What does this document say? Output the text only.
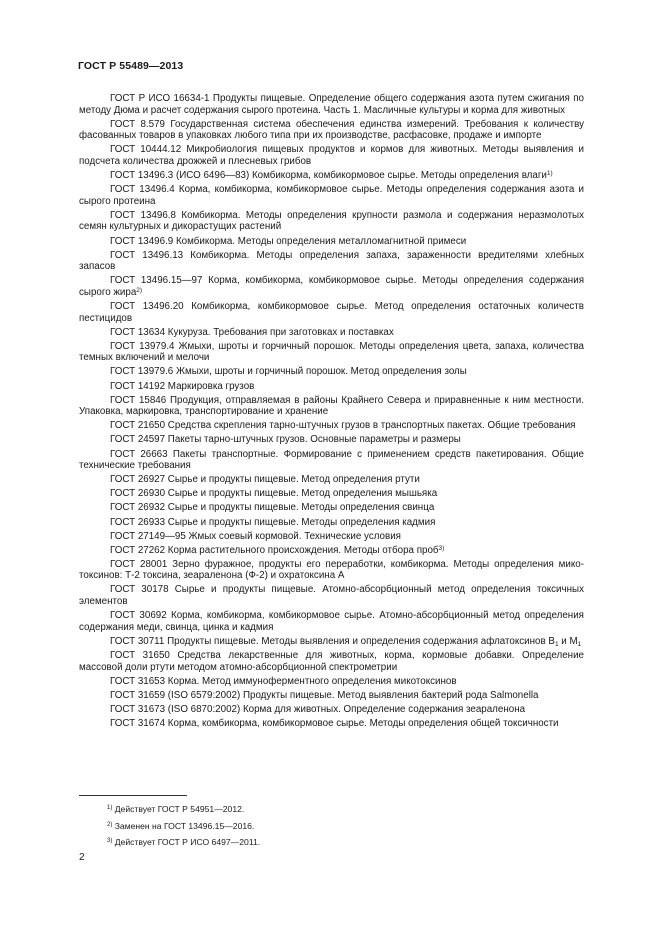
ГОСТ Р 55489—2013

ГОСТ Р ИСО 16634-1 Продукты пищевые. Определение общего содержания азота путем сжигания по методу Дюма и расчет содержания сырого протеина. Часть 1. Масличные культуры и корма для животных

ГОСТ 8.579 Государственная система обеспечения единства измерений. Требования к количеству фасованных товаров в упаковках любого типа при их производстве, расфасовке, продаже и импорте

ГОСТ 10444.12 Микробиология пищевых продуктов и кормов для животных. Методы выявления и подсчета количества дрожжей и плесневых грибов

ГОСТ 13496.3 (ИСО 6496—83) Комбикорма, комбикормовое сырье. Методы определения влаги$^{1)}$

ГОСТ 13496.4 Корма, комбикорма, комбикормовое сырье. Методы определения содержания азота и сырого протеина

ГОСТ 13496.8 Комбикорма. Методы определения крупности размола и содержания неразмолотых семян культурных и дикорастущих растений

ГОСТ 13496.9 Комбикорма. Методы определения металломагнитной примеси

ГОСТ 13496.13 Комбикорма. Методы определения запаха, зараженности вредителями хлебных запасов

ГОСТ 13496.15—97 Корма, комбикорма, комбикормовое сырье. Методы определения содержания сырого жира$^{2)}$

ГОСТ 13496.20 Комбикорма, комбикормовое сырье. Метод определения остаточных количеств пестицидов

ГОСТ 13634 Кукуруза. Требования при заготовках и поставках

ГОСТ 13979.4 Жмыхи, шроты и горчичный порошок. Методы определения цвета, запаха, количества темных включений и мелочи

ГОСТ 13979.6 Жмыхи, шроты и горчичный порошок. Метод определения золы

ГОСТ 14192 Маркировка грузов

ГОСТ 15846 Продукция, отправляемая в районы Крайнего Севера и приравненные к ним местности. Упаковка, маркировка, транспортирование и хранение

ГОСТ 21650 Средства скрепления тарно-штучных грузов в транспортных пакетах. Общие требования

ГОСТ 24597 Пакеты тарно-штучных грузов. Основные параметры и размеры

ГОСТ 26663 Пакеты транспортные. Формирование с применением средств пакетирования. Общие технические требования

ГОСТ 26927 Сырье и продукты пищевые. Метод определения ртути

ГОСТ 26930 Сырье и продукты пищевые. Метод определения мышьяка

ГОСТ 26932 Сырье и продукты пищевые. Методы определения свинца

ГОСТ 26933 Сырье и продукты пищевые. Методы определения кадмия

ГОСТ 27149—95 Жмых соевый кормовой. Технические условия

ГОСТ 27262 Корма растительного происхождения. Методы отбора проб$^{3)}$

ГОСТ 28001 Зерно фуражное, продукты его переработки, комбикорма. Методы определения микотоксинов: Т-2 токсина, зеараленона (Ф-2) и охратоксина А

ГОСТ 30178 Сырье и продукты пищевые. Атомно-абсорбционный метод определения токсичных элементов

ГОСТ 30692 Корма, комбикорма, комбикормовое сырье. Атомно-абсорбционный метод определения содержания меди, свинца, цинка и кадмия

ГОСТ 30711 Продукты пищевые. Методы выявления и определения содержания афлатоксинов $В_1$ и $М_1$

ГОСТ 31650 Средства лекарственные для животных, корма, кормовые добавки. Определение массовой доли ртути методом атомно-абсорбционной спектрометрии

ГОСТ 31653 Корма. Метод иммуноферментного определения микотоксинов

ГОСТ 31659 (ISO 6579:2002) Продукты пищевые. Метод выявления бактерий рода Salmonella

ГОСТ 31673 (ISO 6870:2002) Корма для животных. Определение содержания зеараленона

ГОСТ 31674 Корма, комбикорма, комбикормовое сырье. Методы определения общей токсичности

$^{1)}$ Действует ГОСТ Р 54951—2012.
$^{2)}$ Заменен на ГОСТ 13496.15—2016.
$^{3)}$ Действует ГОСТ Р ИСО 6497—2011.
2
